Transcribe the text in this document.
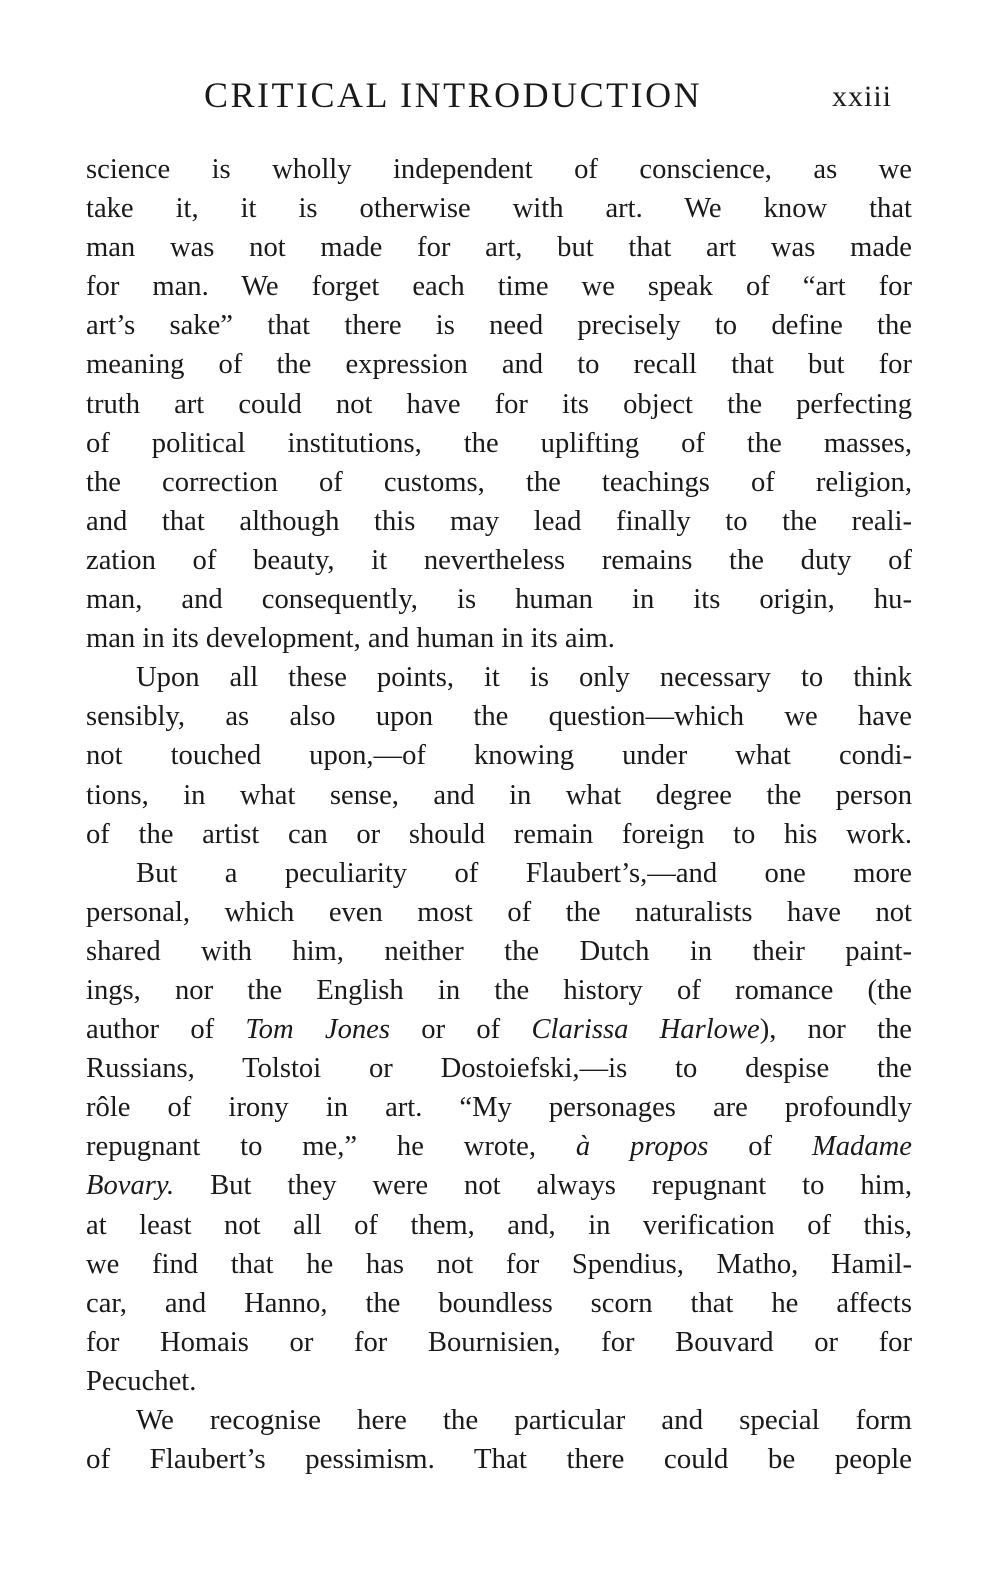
CRITICAL INTRODUCTION	xxiii

science is wholly independent of conscience, as we
take it, it is otherwise with art. We know that
man was not made for art, but that art was made
for man. We forget each time we speak of “art for
art’s sake” that there is need precisely to define the
meaning of the expression and to recall that but for
truth art could not have for its object the perfecting
of political institutions, the uplifting of the masses,
the correction of customs, the teachings of religion,
and that although this may lead finally to the reali-
zation of beauty, it nevertheless remains the duty of
man, and consequently, is human in its origin, hu-
man in its development, and human in its aim.

Upon all these points, it is only necessary to think
sensibly, as also upon the question—which we have
not touched upon,—of knowing under what condi-
tions, in what sense, and in what degree the person
of the artist can or should remain foreign to his work.

But a peculiarity of Flaubert’s,—and one more
personal, which even most of the naturalists have not
shared with him, neither the Dutch in their paint-
ings, nor the English in the history of romance (the
author of Tom Jones or of Clarissa Harlowe), nor the
Russians, Tolstoi or Dostoiefski,—is to despise the
rôle of irony in art. “My personages are profoundly
repugnant to me,” he wrote, à propos of Madame
Bovary. But they were not always repugnant to him,
at least not all of them, and, in verification of this,
we find that he has not for Spendius, Matho, Hamil-
car, and Hanno, the boundless scorn that he affects
for Homais or for Bournisien, for Bouvard or for
Pecuchet.

We recognise here the particular and special form
of Flaubert’s pessimism. That there could be people
